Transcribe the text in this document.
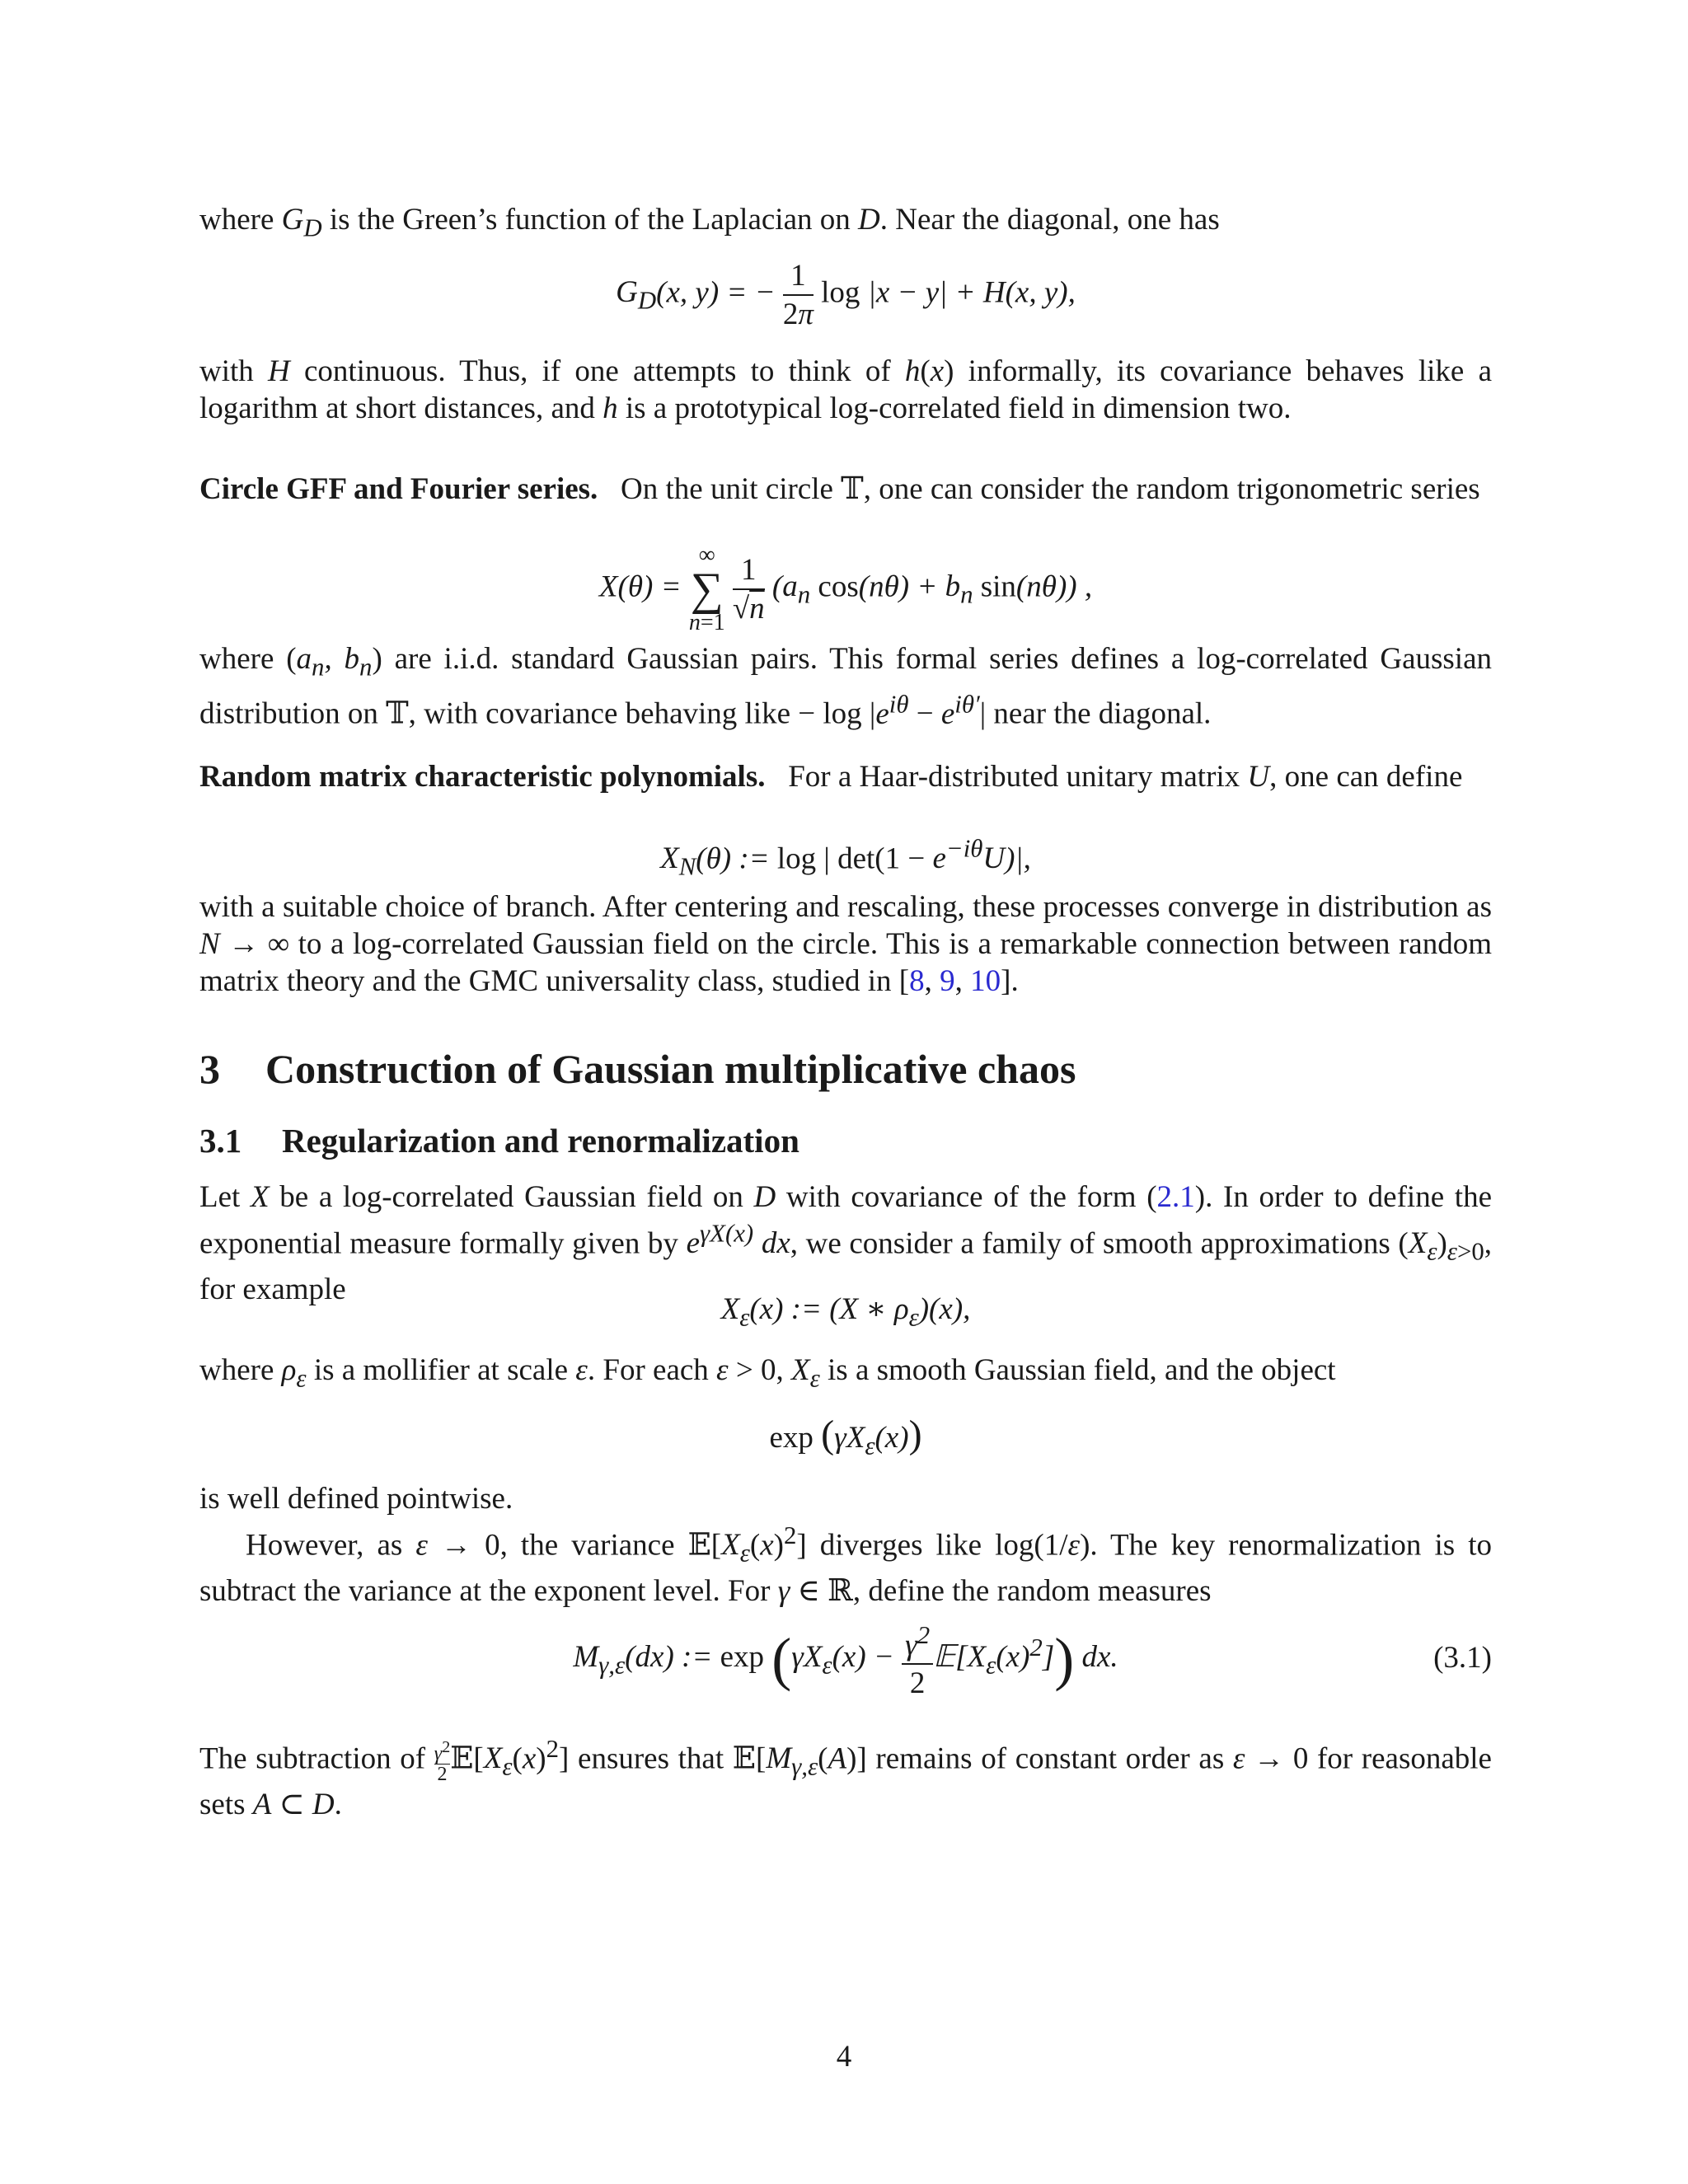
where $G_D$ is the Green’s function of the Laplacian on D. Near the diagonal, one has
$G_D(x$, y) = − $\frac{1}{2\pi}$ log |x − y| + H(x, y),
with H continuous. Thus, if one attempts to think of h(x) informally, its covariance behaves like a logarithm at short distances, and h is a prototypical log-correlated field in dimension two.
Circle GFF and Fourier series.   On the unit circle 𝕋, one can consider the random trigonometric series
X(θ) =
∞
∑
n=1
$\frac{1}{√n} (a_n$ $\cos(n\theta) + b_n$ sin(nθ)) ,
where ($a_n$, $b_n$) are i.i.d. standard Gaussian pairs. This formal series defines a log-correlated Gaussian distribution on 𝕋, with covariance behaving like − $\log |e^{i\theta} - e^{i\theta'}|$ near the diagonal.
Random matrix characteristic polynomials.   For a Haar-distributed unitary matrix U, one can define
$X_N(\theta)$ := log | $\det(1 - e^{-i\theta}U)|$,
with a suitable choice of branch. After centering and rescaling, these processes converge in distribution as N → ∞ to a log-correlated Gaussian field on the circle. This is a remarkable connection between random matrix theory and the GMC universality class, studied in [8, 9, 10].
3 Construction of Gaussian multiplicative chaos
3.1 Regularization and renormalization
Let X be a log-correlated Gaussian field on D with covariance of the form (2.1). In order to define the exponential measure formally given by $e^{\gamma X(x)}$ dx, we consider a family of smooth approximations $(X_\varepsilon)_{\varepsilon>0}$, for example
$X_\varepsilon(x)$ := (X ∗ $\rho_\varepsilon)(x)$,
where $\rho_\varepsilon$ is a mollifier at scale ε. For each ε > 0, $X_\varepsilon$ is a smooth Gaussian field, and the object
$\exp (\gamma X_\varepsilon(x))$
is well defined pointwise.
However, as ε → 0, the variance $𝔼[X_\varepsilon(x)^2]$ diverges like log(1/ε). The key renormalization is to subtract the variance at the exponent level. For γ ∈ ℝ, define the random measures
$M_{\gamma,\varepsilon}(dx)$ := $\exp (\gamma X_\varepsilon(x) - \frac{\gamma^2}{2}$ $𝔼[X_\varepsilon(x)^2]$) dx.	(3.1)
The subtraction of $\frac{\gamma^2}{2}$ $𝔼[X_\varepsilon(x)^2]$ ensures that $𝔼[M_{\gamma,\varepsilon}(A)]$ remains of constant order as ε → 0 for reasonable sets A ⊂ D.
4
